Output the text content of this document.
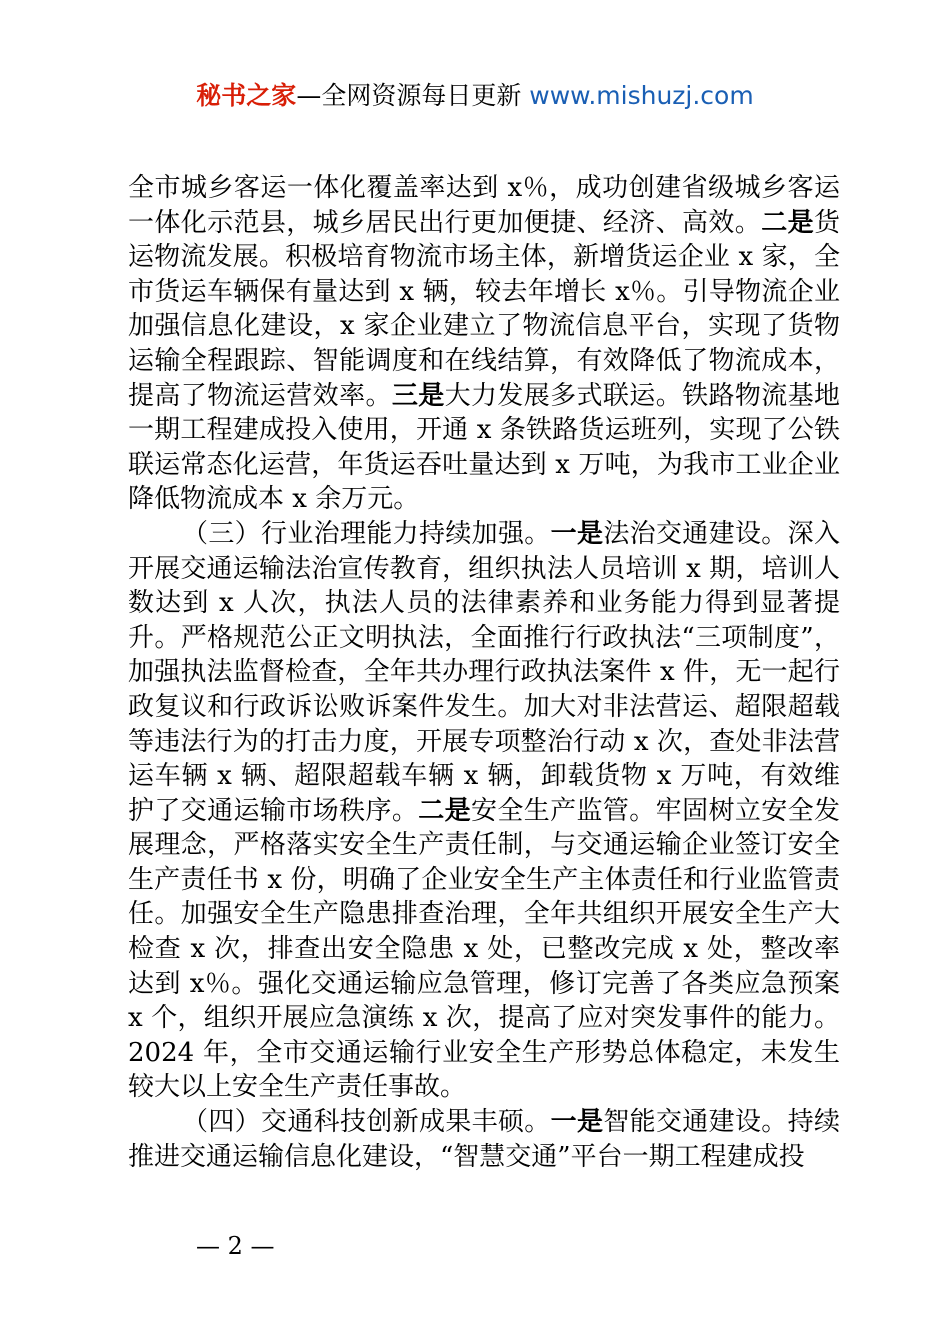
秘书之家—全网资源每日更新 www.mishuzj.com

全市城乡客运一体化覆盖率达到 x％，成功创建省级城乡客运一体化示范县，城乡居民出行更加便捷、经济、高效。二是货运物流发展。积极培育物流市场主体，新增货运企业 x 家，全市货运车辆保有量达到 x 辆，较去年增长 x％。引导物流企业加强信息化建设，x 家企业建立了物流信息平台，实现了货物运输全程跟踪、智能调度和在线结算，有效降低了物流成本，提高了物流运营效率。三是大力发展多式联运。铁路物流基地一期工程建成投入使用，开通 x 条铁路货运班列，实现了公铁联运常态化运营，年货运吞吐量达到 x 万吨，为我市工业企业降低物流成本 x 余万元。

（三）行业治理能力持续加强。一是法治交通建设。深入开展交通运输法治宣传教育，组织执法人员培训 x 期，培训人数达到 x 人次，执法人员的法律素养和业务能力得到显著提升。严格规范公正文明执法，全面推行行政执法“三项制度”，加强执法监督检查，全年共办理行政执法案件 x 件，无一起行政复议和行政诉讼败诉案件发生。加大对非法营运、超限超载等违法行为的打击力度，开展专项整治行动 x 次，查处非法营运车辆 x 辆、超限超载车辆 x 辆，卸载货物 x 万吨，有效维护了交通运输市场秩序。二是安全生产监管。牢固树立安全发展理念，严格落实安全生产责任制，与交通运输企业签订安全生产责任书 x 份，明确了企业安全生产主体责任和行业监管责任。加强安全生产隐患排查治理，全年共组织开展安全生产大检查 x 次，排查出安全隐患 x 处，已整改完成 x 处，整改率达到 x％。强化交通运输应急管理，修订完善了各类应急预案 x 个，组织开展应急演练 x 次，提高了应对突发事件的能力。2024 年，全市交通运输行业安全生产形势总体稳定，未发生较大以上安全生产责任事故。

（四）交通科技创新成果丰硕。一是智能交通建设。持续推进交通运输信息化建设，“智慧交通”平台一期工程建成投

— 2 —
